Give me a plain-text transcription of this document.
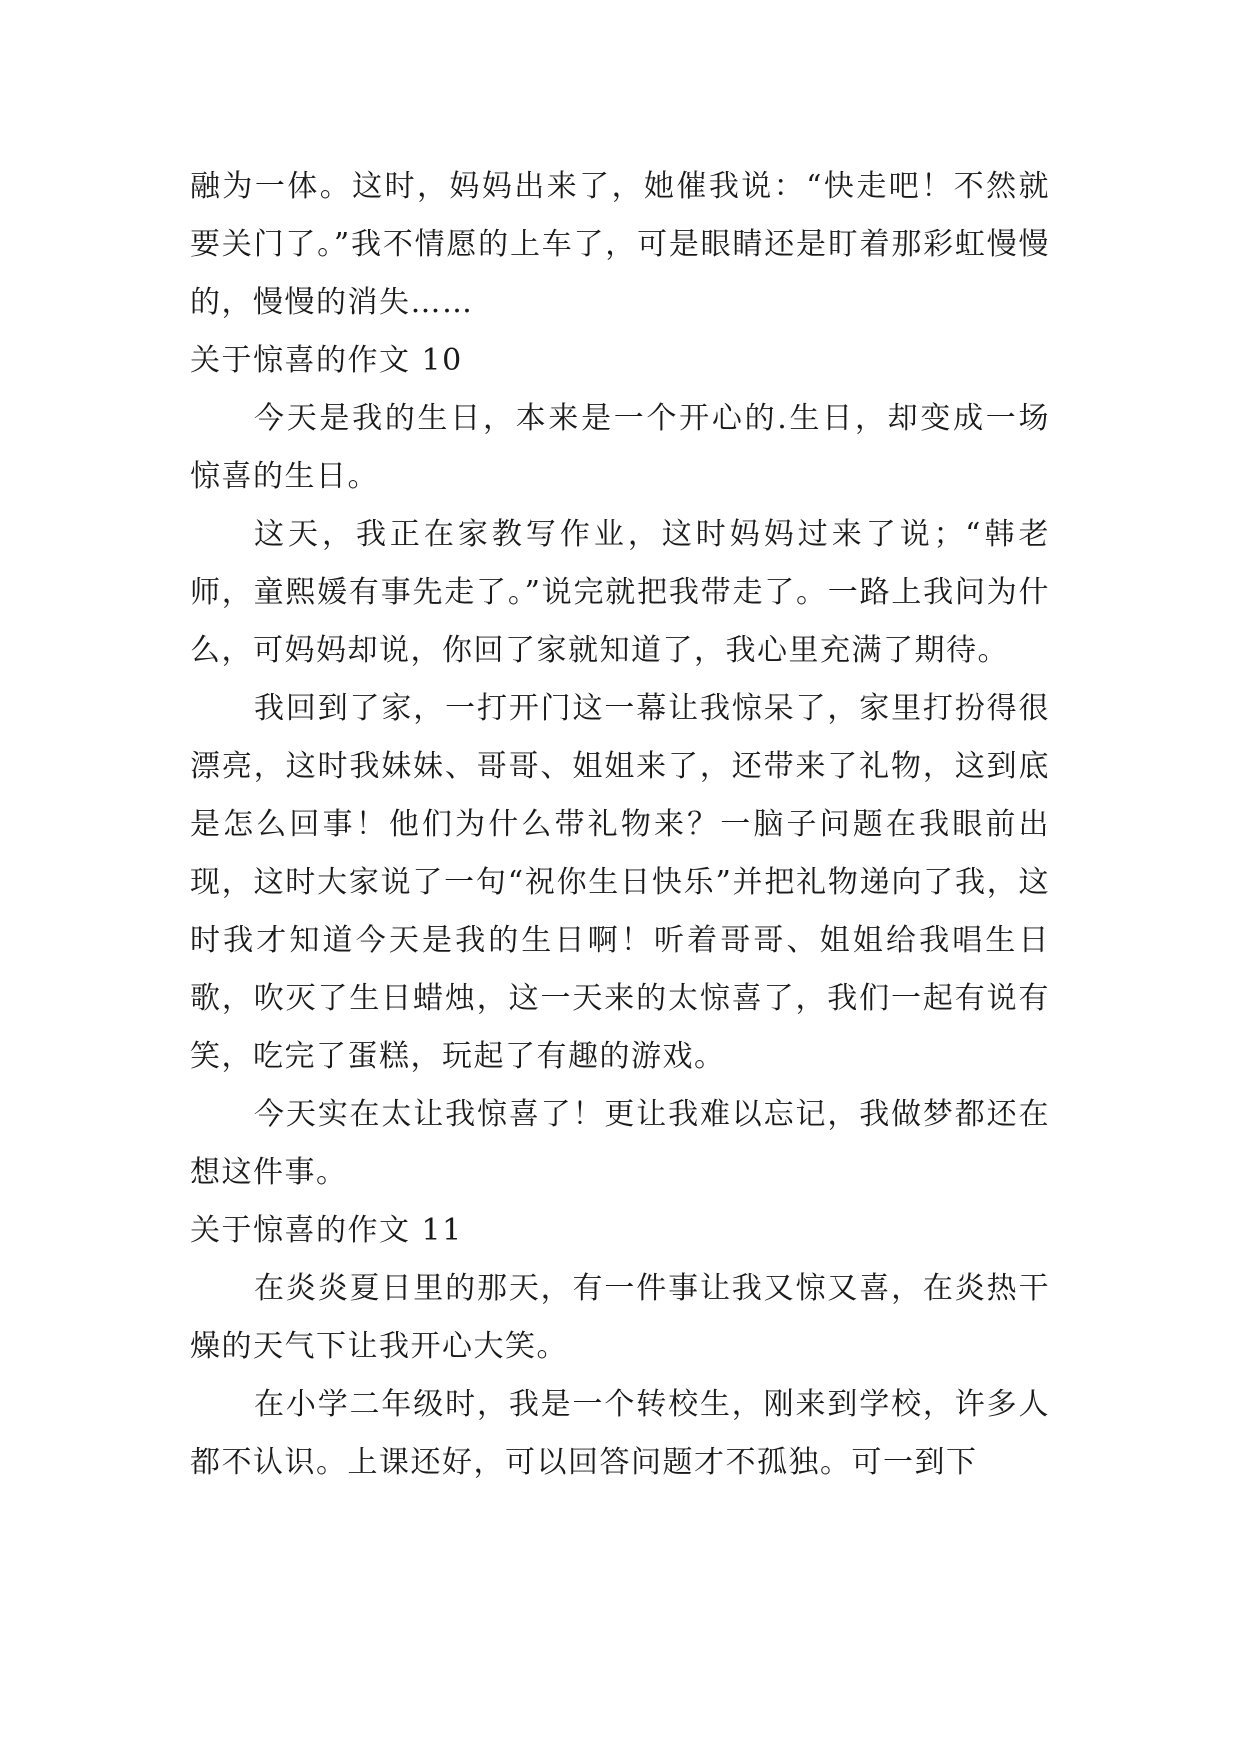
融为一体。这时，妈妈出来了，她催我说：“快走吧！不然就要关门了。”我不情愿的上车了，可是眼睛还是盯着那彩虹慢慢的，慢慢的消失……

关于惊喜的作文 10

今天是我的生日，本来是一个开心的.生日，却变成一场惊喜的生日。

这天，我正在家教写作业，这时妈妈过来了说；“韩老师，童熙媛有事先走了。”说完就把我带走了。一路上我问为什么，可妈妈却说，你回了家就知道了，我心里充满了期待。

我回到了家，一打开门这一幕让我惊呆了，家里打扮得很漂亮，这时我妹妹、哥哥、姐姐来了，还带来了礼物，这到底是怎么回事！他们为什么带礼物来？一脑子问题在我眼前出现，这时大家说了一句“祝你生日快乐”并把礼物递向了我，这时我才知道今天是我的生日啊！听着哥哥、姐姐给我唱生日歌，吹灭了生日蜡烛，这一天来的太惊喜了，我们一起有说有笑，吃完了蛋糕，玩起了有趣的游戏。

今天实在太让我惊喜了！更让我难以忘记，我做梦都还在想这件事。

关于惊喜的作文 11

在炎炎夏日里的那天，有一件事让我又惊又喜，在炎热干燥的天气下让我开心大笑。

在小学二年级时，我是一个转校生，刚来到学校，许多人都不认识。上课还好，可以回答问题才不孤独。可一到下
